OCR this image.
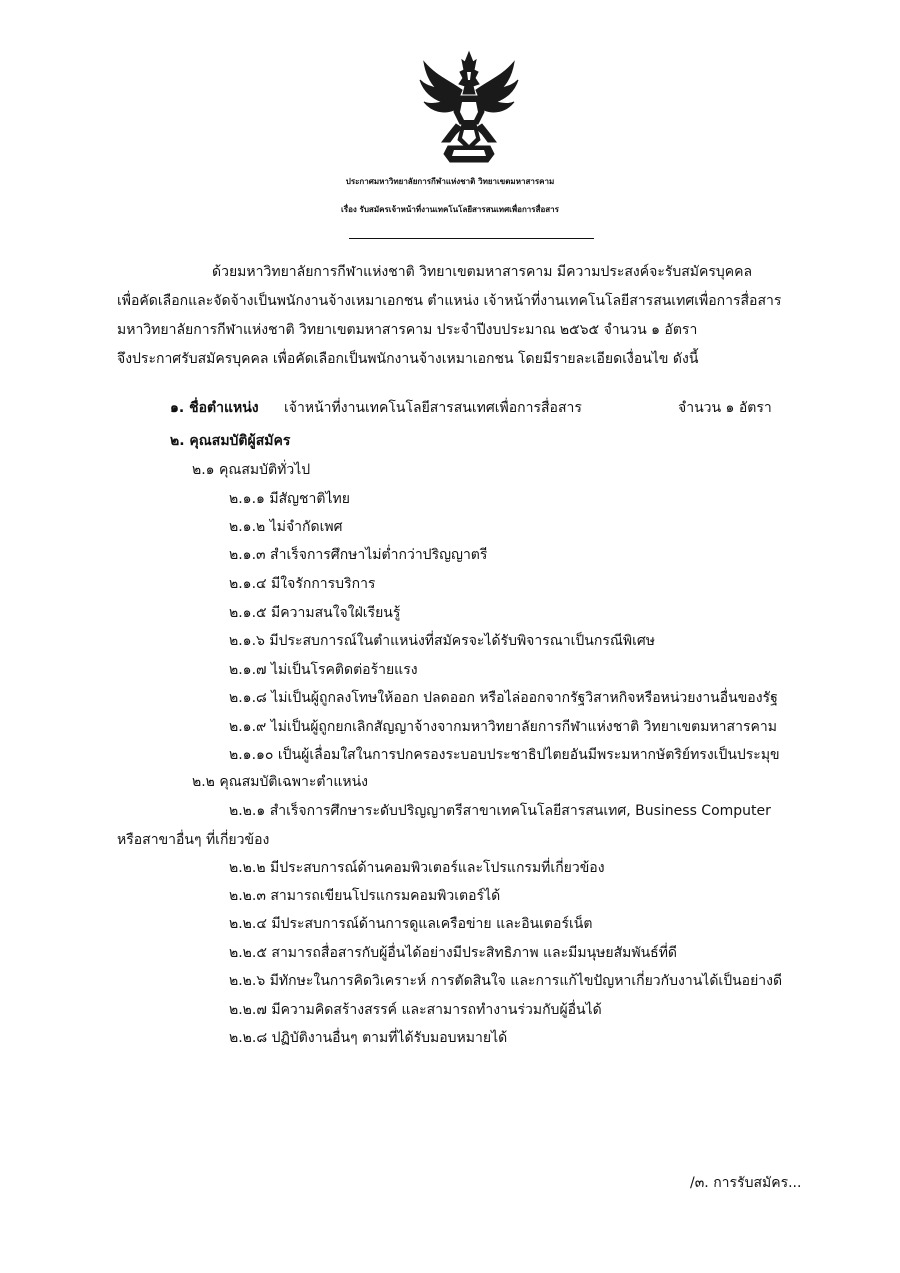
ประกาศมหาวิทยาลัยการกีฬาแห่งชาติ วิทยาเขตมหาสารคาม
เรื่อง รับสมัครเจ้าหน้าที่งานเทคโนโลยีสารสนเทศเพื่อการสื่อสาร
ด้วยมหาวิทยาลัยการกีฬาแห่งชาติ วิทยาเขตมหาสารคาม มีความประสงค์จะรับสมัครบุคคล
เพื่อคัดเลือกและจัดจ้างเป็นพนักงานจ้างเหมาเอกชน ตำแหน่ง เจ้าหน้าที่งานเทคโนโลยีสารสนเทศเพื่อการสื่อสาร
มหาวิทยาลัยการกีฬาแห่งชาติ วิทยาเขตมหาสารคาม ประจำปีงบประมาณ ๒๕๖๕ จำนวน ๑ อัตรา
จึงประกาศรับสมัครบุคคล เพื่อคัดเลือกเป็นพนักงานจ้างเหมาเอกชน โดยมีรายละเอียดเงื่อนไข ดังนี้
๑. ชื่อตำแหน่ง เจ้าหน้าที่งานเทคโนโลยีสารสนเทศเพื่อการสื่อสาร	จำนวน ๑ อัตรา
๒. คุณสมบัติผู้สมัคร
๒.๑ คุณสมบัติทั่วไป
๒.๑.๑ มีสัญชาติไทย
๒.๑.๒ ไม่จำกัดเพศ
๒.๑.๓ สำเร็จการศึกษาไม่ต่ำกว่าปริญญาตรี
๒.๑.๔ มีใจรักการบริการ
๒.๑.๕ มีความสนใจใฝ่เรียนรู้
๒.๑.๖ มีประสบการณ์ในตำแหน่งที่สมัครจะได้รับพิจารณาเป็นกรณีพิเศษ
๒.๑.๗ ไม่เป็นโรคติดต่อร้ายแรง
๒.๑.๘ ไม่เป็นผู้ถูกลงโทษให้ออก ปลดออก หรือไล่ออกจากรัฐวิสาหกิจหรือหน่วยงานอื่นของรัฐ
๒.๑.๙ ไม่เป็นผู้ถูกยกเลิกสัญญาจ้างจากมหาวิทยาลัยการกีฬาแห่งชาติ วิทยาเขตมหาสารคาม
๒.๑.๑๐ เป็นผู้เลื่อมใสในการปกครองระบอบประชาธิปไตยอันมีพระมหากษัตริย์ทรงเป็นประมุข
๒.๒ คุณสมบัติเฉพาะตำแหน่ง
๒.๒.๑ สำเร็จการศึกษาระดับปริญญาตรีสาขาเทคโนโลยีสารสนเทศ, Business Computer
หรือสาขาอื่นๆ ที่เกี่ยวข้อง
๒.๒.๒ มีประสบการณ์ด้านคอมพิวเตอร์และโปรแกรมที่เกี่ยวข้อง
๒.๒.๓ สามารถเขียนโปรแกรมคอมพิวเตอร์ได้
๒.๒.๔ มีประสบการณ์ด้านการดูแลเครือข่าย และอินเตอร์เน็ต
๒.๒.๕ สามารถสื่อสารกับผู้อื่นได้อย่างมีประสิทธิภาพ และมีมนุษยสัมพันธ์ที่ดี
๒.๒.๖ มีทักษะในการคิดวิเคราะห์ การตัดสินใจ และการแก้ไขปัญหาเกี่ยวกับงานได้เป็นอย่างดี
๒.๒.๗ มีความคิดสร้างสรรค์ และสามารถทำงานร่วมกับผู้อื่นได้
๒.๒.๘ ปฏิบัติงานอื่นๆ ตามที่ได้รับมอบหมายได้
/๓. การรับสมัคร...
